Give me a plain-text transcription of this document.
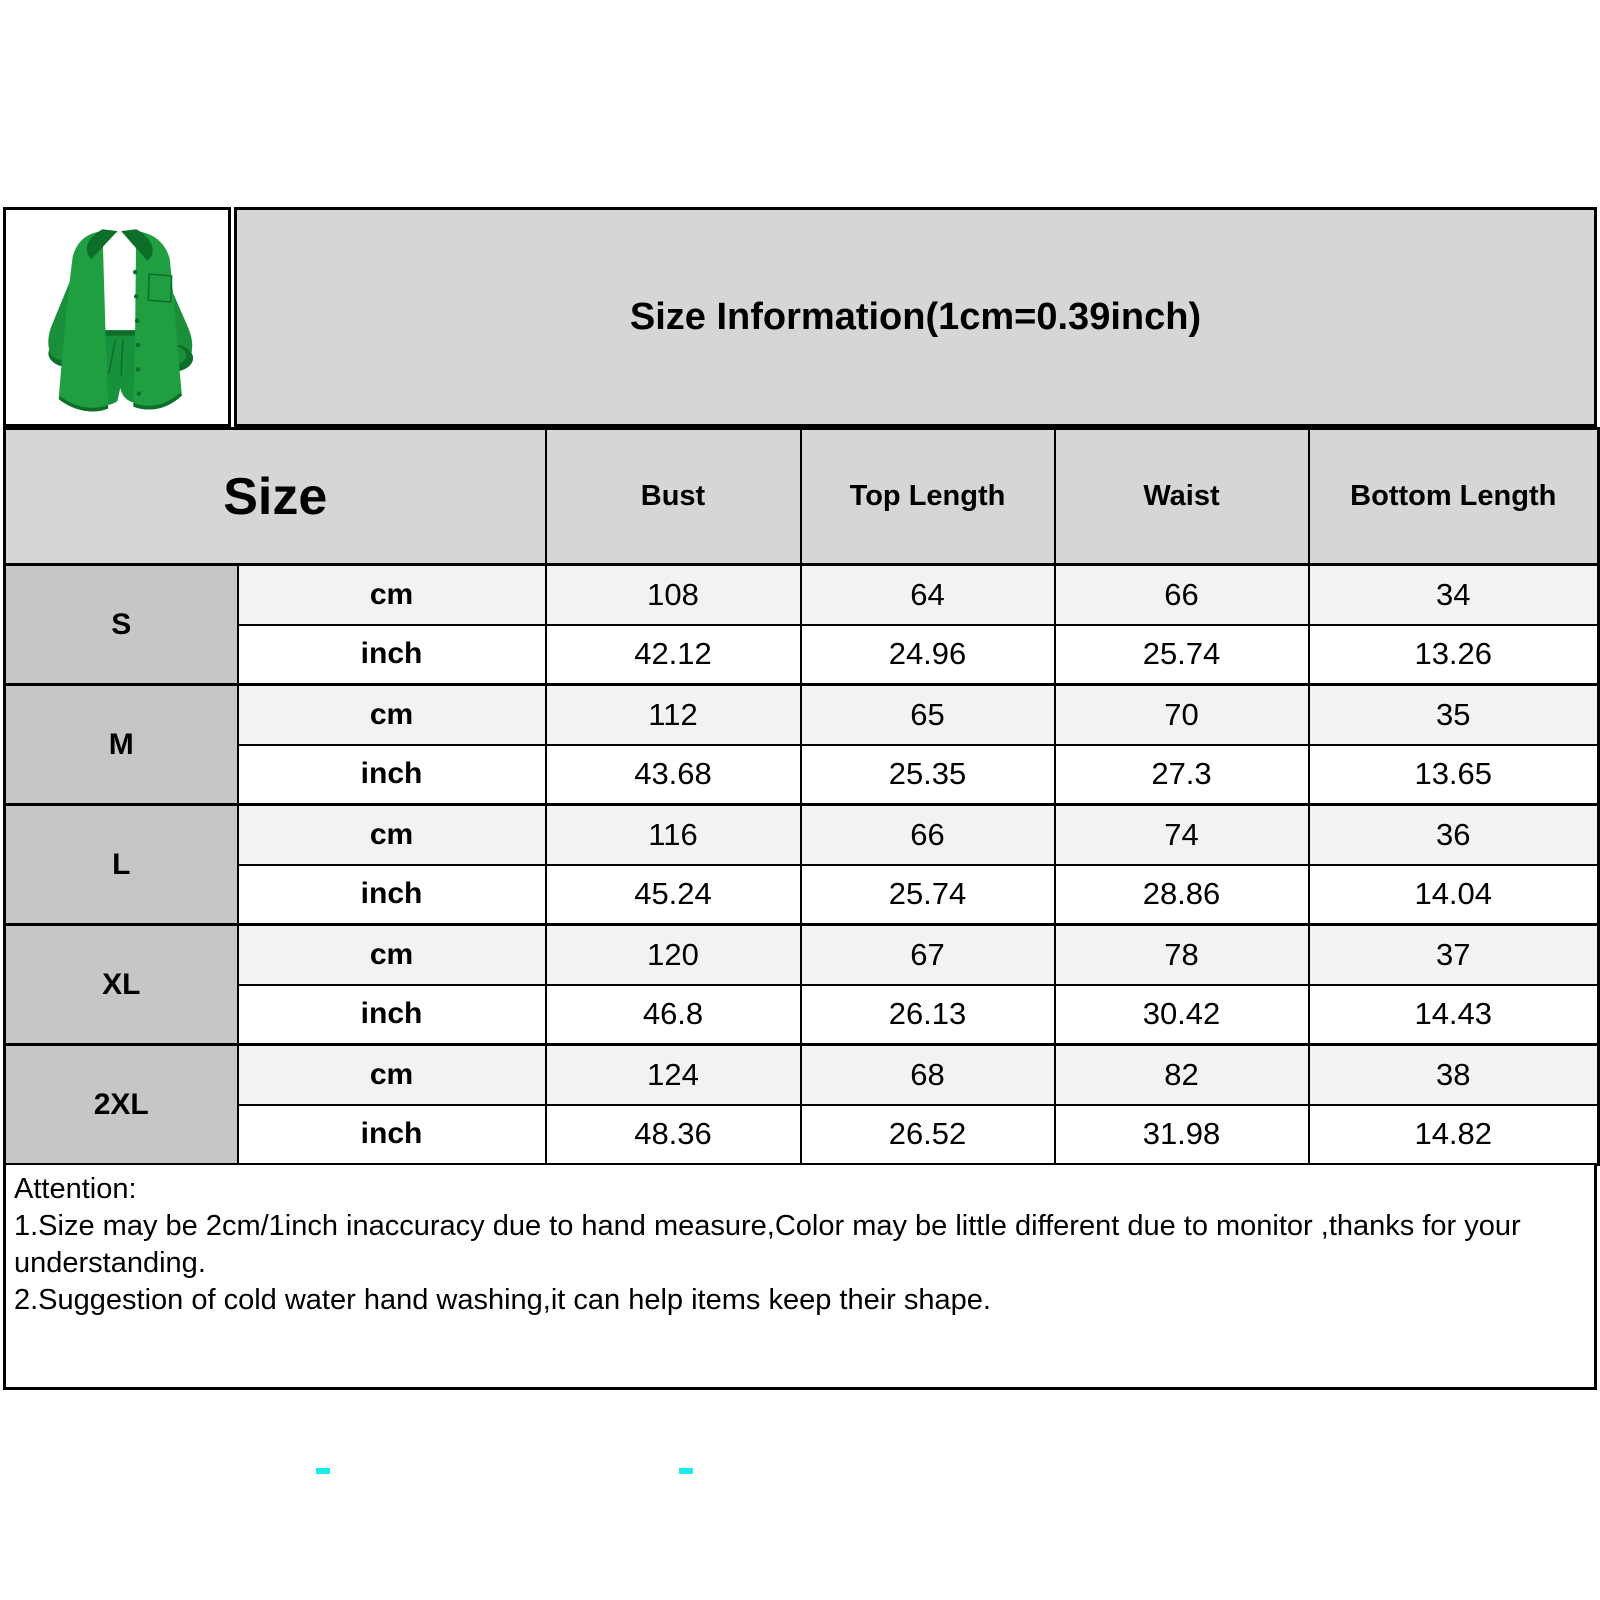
Size Information(1cm=0.39inch)
Size		Bust	Top Length	Waist	Bottom Length
S	cm	108	64	66	34
	inch	42.12	24.96	25.74	13.26
M	cm	112	65	70	35
	inch	43.68	25.35	27.3	13.65
L	cm	116	66	74	36
	inch	45.24	25.74	28.86	14.04
XL	cm	120	67	78	37
	inch	46.8	26.13	30.42	14.43
2XL	cm	124	68	82	38
	inch	48.36	26.52	31.98	14.82
Attention:
1.Size may be 2cm/1inch inaccuracy due to hand measure,Color may be little different due to monitor ,thanks for your understanding.
2.Suggestion of cold water hand washing,it can help items keep their shape.
